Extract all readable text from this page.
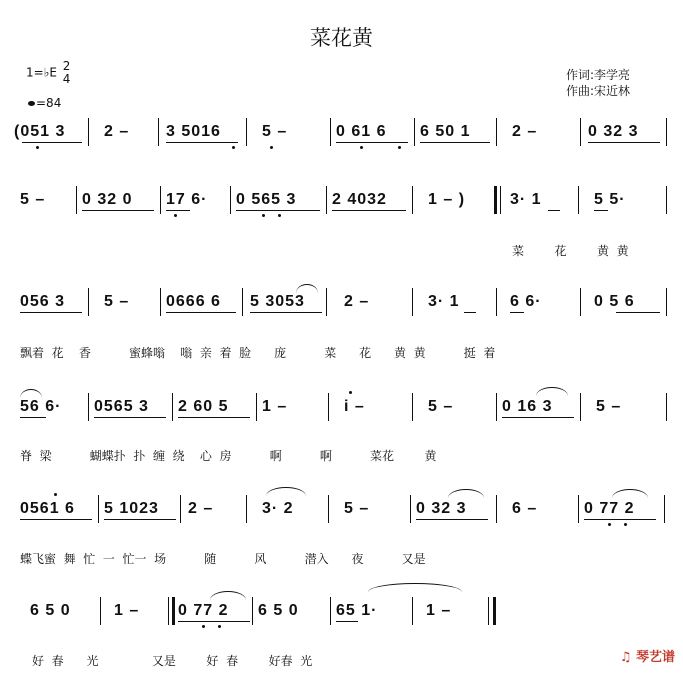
菜花黄
作词:李学亮
作曲:宋近林
1=♭E 2
4
=84
(051 3 2 – 3 5016	5 –	0 61 6 6 50 1	2 –	0 32 3
5 – 0 32 0 17 6· 0 565 3 2 4032	1 – )	3· 1	5 5·

菜        花        黄  黄

056 3 5 – 0666 6 5 3053 2 –	3· 1	6 6·	0 5 6

飘着  花    香          蜜蜂嗡    嗡  亲  着  脸      庞          菜      花      黄  黄          挺  着

56 6· 0565 3 2 60 5 1 –	i –	5 –	0 16 3	5 –

脊  梁          蝴蝶扑  扑  缠  绕    心  房          啊          啊          菜花        黄

0561 6 5 1023 2 –	3· 2	5 –	0 32 3	6 –	0 77 2

蝶飞蜜  舞  忙  一  忙一  场          随          风          潜入      夜          又是

6 5 0	1 – 0 77 2 6 5 0 65 1·	1 –

好  春      光              又是        好  春        好春  光

	♫ 琴艺谱
